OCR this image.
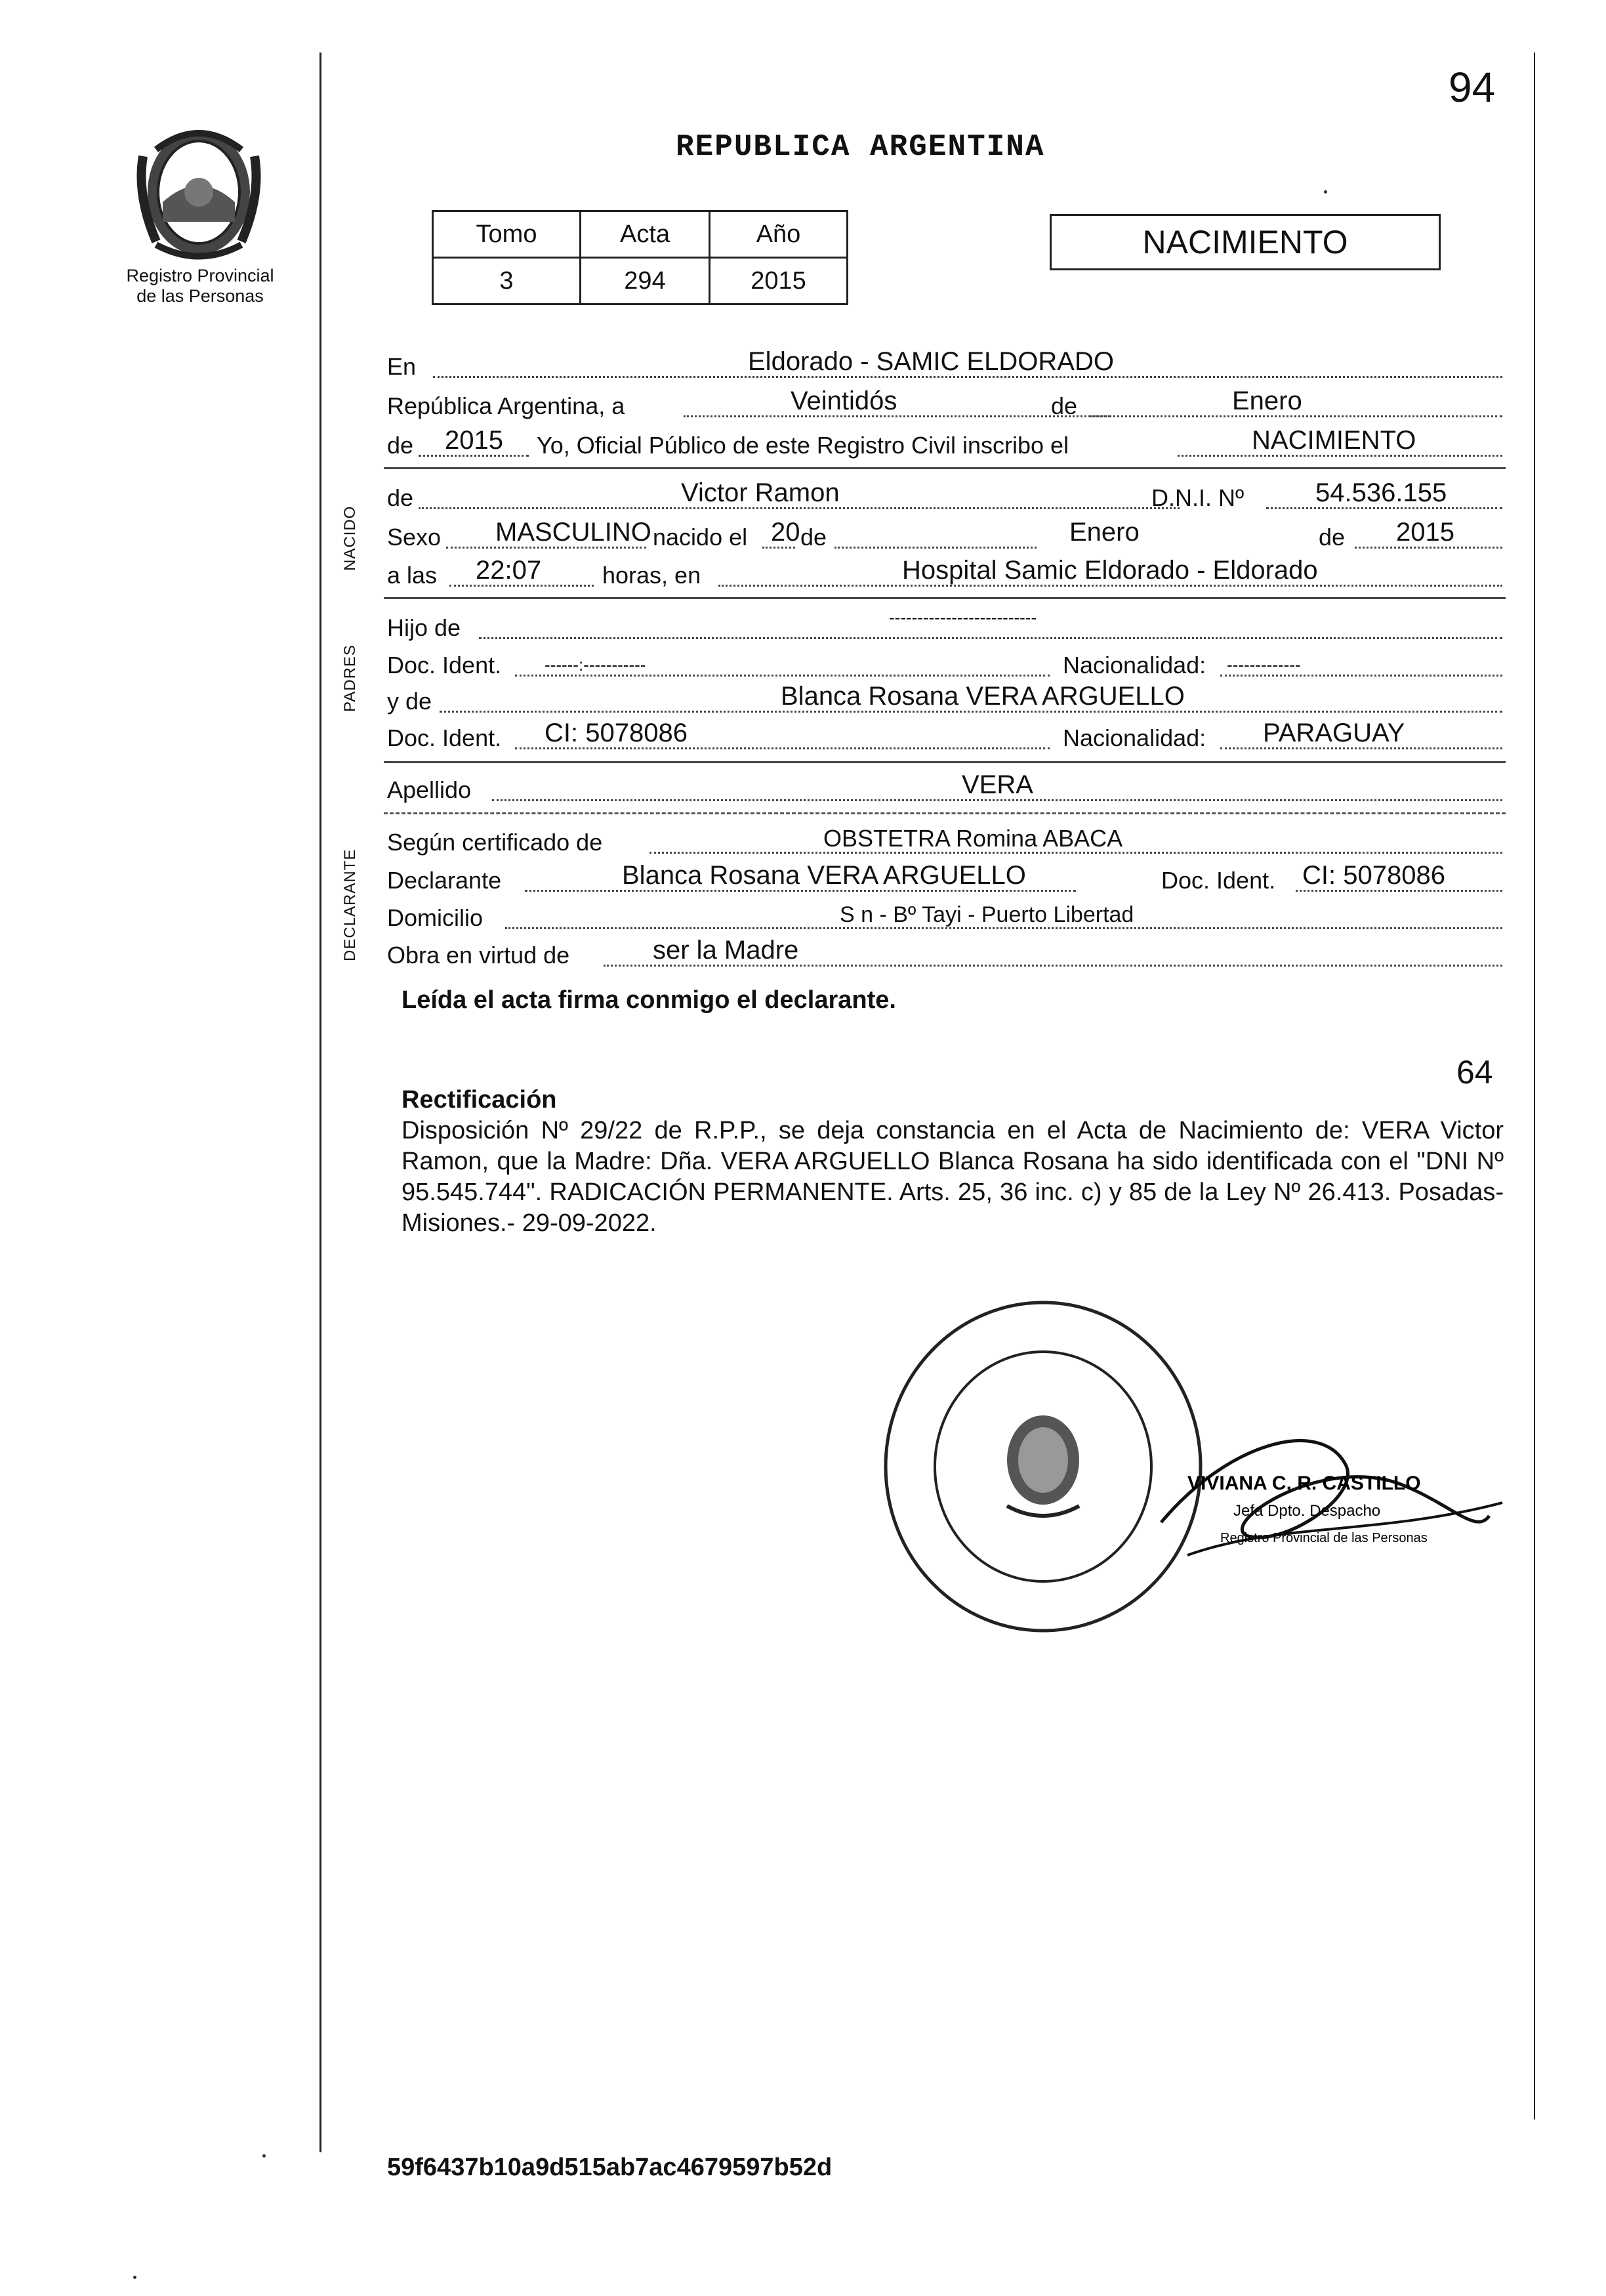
Registro Provincial
de las Personas
94
REPUBLICA ARGENTINA
Tomo	Acta	Año
3	294	2015
NACIMIENTO
En	Eldorado - SAMIC ELDORADO
República Argentina, a	Veintidós	de	Enero
de 2015 Yo, Oficial Público de este Registro Civil inscribo el	NACIMIENTO
NACIDO
de	Victor Ramon	D.N.I. Nº	54.536.155
Sexo MASCULINO nacido el 20 de	Enero	de 2015
a las 22:07	horas, en	Hospital Samic Eldorado - Eldorado
PADRES
Hijo de	--------------------------
Doc. Ident.	------:-----------	Nacionalidad: -------------
y de	Blanca Rosana VERA ARGUELLO
Doc. Ident. CI: 5078086	Nacionalidad: PARAGUAY
Apellido	VERA
DECLARANTE
Según certificado de	OBSTETRA Romina ABACA
Declarante	Blanca Rosana VERA ARGUELLO	Doc. Ident. CI: 5078086
Domicilio	S n - Bº Tayi - Puerto Libertad
Obra en virtud de	ser la Madre
Leída el acta firma conmigo el declarante.
64
Rectificación
Disposición Nº 29/22 de R.P.P., se deja constancia en el Acta de Nacimiento de: VERA Victor Ramon, que la Madre: Dña. VERA ARGUELLO Blanca Rosana ha sido identificada con el "DNI Nº 95.545.744". RADICACIÓN PERMANENTE. Arts. 25, 36 inc. c) y 85 de la Ley Nº 26.413. Posadas- Misiones.- 29-09-2022.
VIVIANA C. R. CASTILLO
Jefa Dpto. Despacho
Registro Provincial de las Personas
59f6437b10a9d515ab7ac4679597b52d
